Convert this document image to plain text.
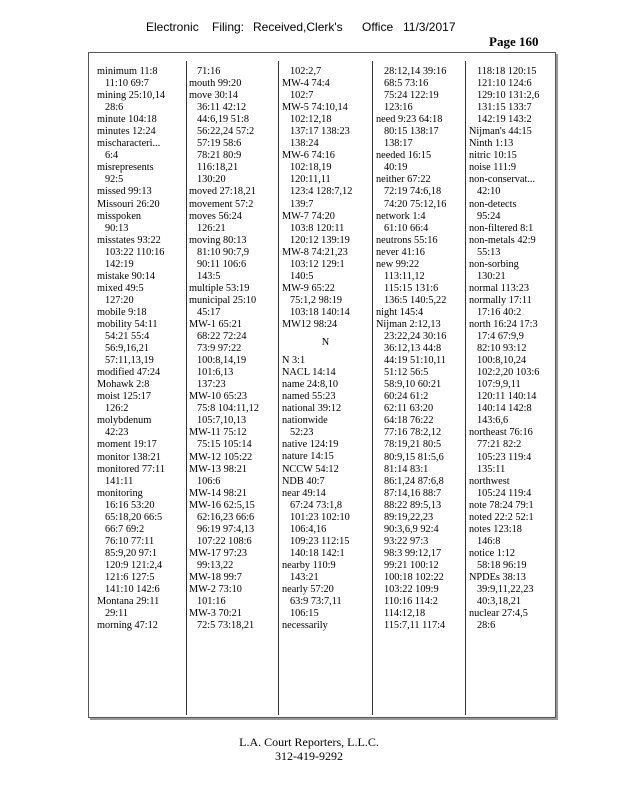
Electronic Filing: Received,Clerk's Office 11/3/2017
Page 160
minimum 11:8
11:10 69:7
mining 25:10,14
28:6
minute 104:18
minutes 12:24
mischaracteri...
6:4
misrepresents
92:5
missed 99:13
Missouri 26:20
misspoken
90:13
misstates 93:22
103:22 110:16
142:19
mistake 90:14
mixed 49:5
127:20
mobile 9:18
mobility 54:11
54:21 55:4
56:9,16,21
57:11,13,19
modified 47:24
Mohawk 2:8
moist 125:17
126:2
molybdenum
42:23
moment 19:17
monitor 138:21
monitored 77:11
141:11
monitoring
16:16 53:20
65:18,20 66:5
66:7 69:2
76:10 77:11
85:9,20 97:1
120:9 121:2,4
121:6 127:5
141:10 142:6
Montana 29:11
29:11
morning 47:12
71:16
mouth 99:20
move 30:14
36:11 42:12
44:6,19 51:8
56:22,24 57:2
57:19 58:6
78:21 80:9
116:18,21
130:20
moved 27:18,21
movement 57:2
moves 56:24
126:21
moving 80:13
81:10 90:7,9
90:11 106:6
143:5
multiple 53:19
municipal 25:10
45:17
MW-1 65:21
68:22 72:24
73:9 97:22
100:8,14,19
101:6,13
137:23
MW-10 65:23
75:8 104:11,12
105:7,10,13
MW-11 75:12
75:15 105:14
MW-12 105:22
MW-13 98:21
106:6
MW-14 98:21
MW-16 62:5,15
62:16,23 66:6
96:19 97:4,13
107:22 108:6
MW-17 97:23
99:13,22
MW-18 99:7
MW-2 73:10
101:16
MW-3 70:21
72:5 73:18,21
102:2,7
MW-4 74:4
102:7
MW-5 74:10,14
102:12,18
137:17 138:23
138:24
MW-6 74:16
102:18,19
120:11,11
123:4 128:7,12
139:7
MW-7 74:20
103:8 120:11
120:12 139:19
MW-8 74:21,23
103:12 129:1
140:5
MW-9 65:22
75:1,2 98:19
103:18 140:14
MW12 98:24
N
N 3:1
NACL 14:14
name 24:8,10
named 55:23
national 39:12
nationwide
52:23
native 124:19
nature 14:15
NCCW 54:12
NDB 40:7
near 49:14
67:24 73:1,8
101:23 102:10
106:4,16
109:23 112:15
140:18 142:1
nearby 110:9
143:21
nearly 57:20
63:9 73:7,11
106:15
necessarily
28:12,14 39:16
68:5 73:16
75:24 122:19
123:16
need 9:23 64:18
80:15 138:17
138:17
needed 16:15
40:19
neither 67:22
72:19 74:6,18
74:20 75:12,16
network 1:4
61:10 66:4
neutrons 55:16
never 41:16
new 99:22
113:11,12
115:15 131:6
136:5 140:5,22
night 145:4
Nijman 2:12,13
23:22,24 30:16
36:12,13 44:8
44:19 51:10,11
51:12 56:5
58:9,10 60:21
60:24 61:2
62:11 63:20
64:18 76:22
77:16 78:2,12
78:19,21 80:5
80:9,15 81:5,6
81:14 83:1
86:1,24 87:6,8
87:14,16 88:7
88:22 89:5,13
89:19,22,23
90:3,6,9 92:4
93:22 97:3
98:3 99:12,17
99:21 100:12
100:18 102:22
103:22 109:9
110:16 114:2
114:12,18
115:7,11 117:4
118:18 120:15
121:10 124:6
129:10 131:2,6
131:15 133:7
142:19 143:2
Nijman's 44:15
Ninth 1:13
nitric 10:15
noise 111:9
non-conservat...
42:10
non-detects
95:24
non-filtered 8:1
non-metals 42:9
55:13
non-sorbing
130:21
normal 113:23
normally 17:11
17:16 40:2
north 16:24 17:3
17:4 67:9,9
82:10 93:12
100:8,10,24
102:2,20 103:6
107:9,9,11
120:11 140:14
140:14 142:8
143:6,6
northeast 76:16
77:21 82:2
105:23 119:4
135:11
northwest
105:24 119:4
note 78:24 79:1
noted 22:2 52:1
notes 123:18
146:8
notice 1:12
58:18 96:19
NPDEs 38:13
39:9,11,22,23
40:3,18,21
nuclear 27:4,5
28:6
L.A. Court Reporters, L.L.C.
312-419-9292
